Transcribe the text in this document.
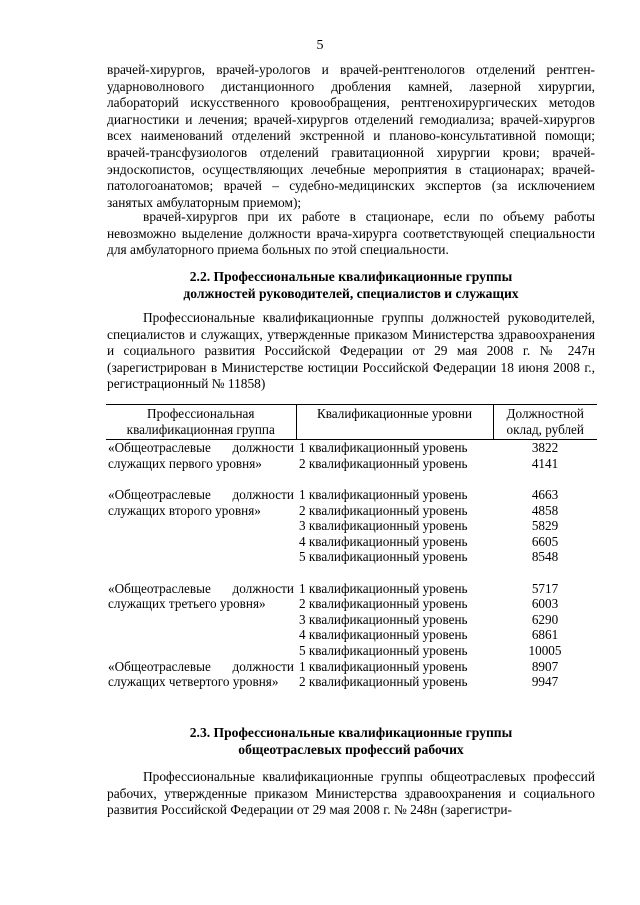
5

врачей-хирургов, врачей-урологов и врачей-рентгенологов отделений рентген-ударноволнового дистанционного дробления камней, лазерной хирургии, лабораторий искусственного кровообращения, рентгенохирургических методов диагностики и лечения; врачей-хирургов отделений гемодиализа; врачей-хирургов всех наименований отделений экстренной и планово-консультативной помощи; врачей-трансфузиологов отделений гравитационной хирургии крови; врачей-эндоскопистов, осуществляющих лечебные мероприятия в стационарах; врачей-патологоанатомов; врачей – судебно-медицинских экспертов (за исключением занятых амбулаторным приемом);

врачей-хирургов при их работе в стационаре, если по объему работы невозможно выделение должности врача-хирурга соответствующей специальности для амбулаторного приема больных по этой специальности.

2.2. Профессиональные квалификационные группы
должностей руководителей, специалистов и служащих

Профессиональные квалификационные группы должностей руководителей, специалистов и служащих, утвержденные приказом Министерства здравоохранения и социального развития Российской Федерации от 29 мая 2008 г. № 247н (зарегистрирован в Министерстве юстиции Российской Федерации 18 июня 2008 г., регистрационный № 11858)

Профессиональная квалификационная группа	Квалификационные уровни	Должностной оклад, рублей
«Общеотраслевые должности служащих первого уровня»	1 квалификационный уровень	3822
	2 квалификационный уровень	4141

«Общеотраслевые должности служащих второго уровня»	1 квалификационный уровень	4663
	2 квалификационный уровень	4858
	3 квалификационный уровень	5829
	4 квалификационный уровень	6605
	5 квалификационный уровень	8548

«Общеотраслевые должности служащих третьего уровня»	1 квалификационный уровень	5717
	2 квалификационный уровень	6003
	3 квалификационный уровень	6290
	4 квалификационный уровень	6861
	5 квалификационный уровень	10005
«Общеотраслевые должности служащих четвертого уровня»	1 квалификационный уровень	8907
	2 квалификационный уровень	9947
2.3. Профессиональные квалификационные группы
общеотраслевых профессий рабочих

Профессиональные квалификационные группы общеотраслевых профессий рабочих, утвержденные приказом Министерства здравоохранения и социального развития Российской Федерации от 29 мая 2008 г. № 248н (зарегистри-
